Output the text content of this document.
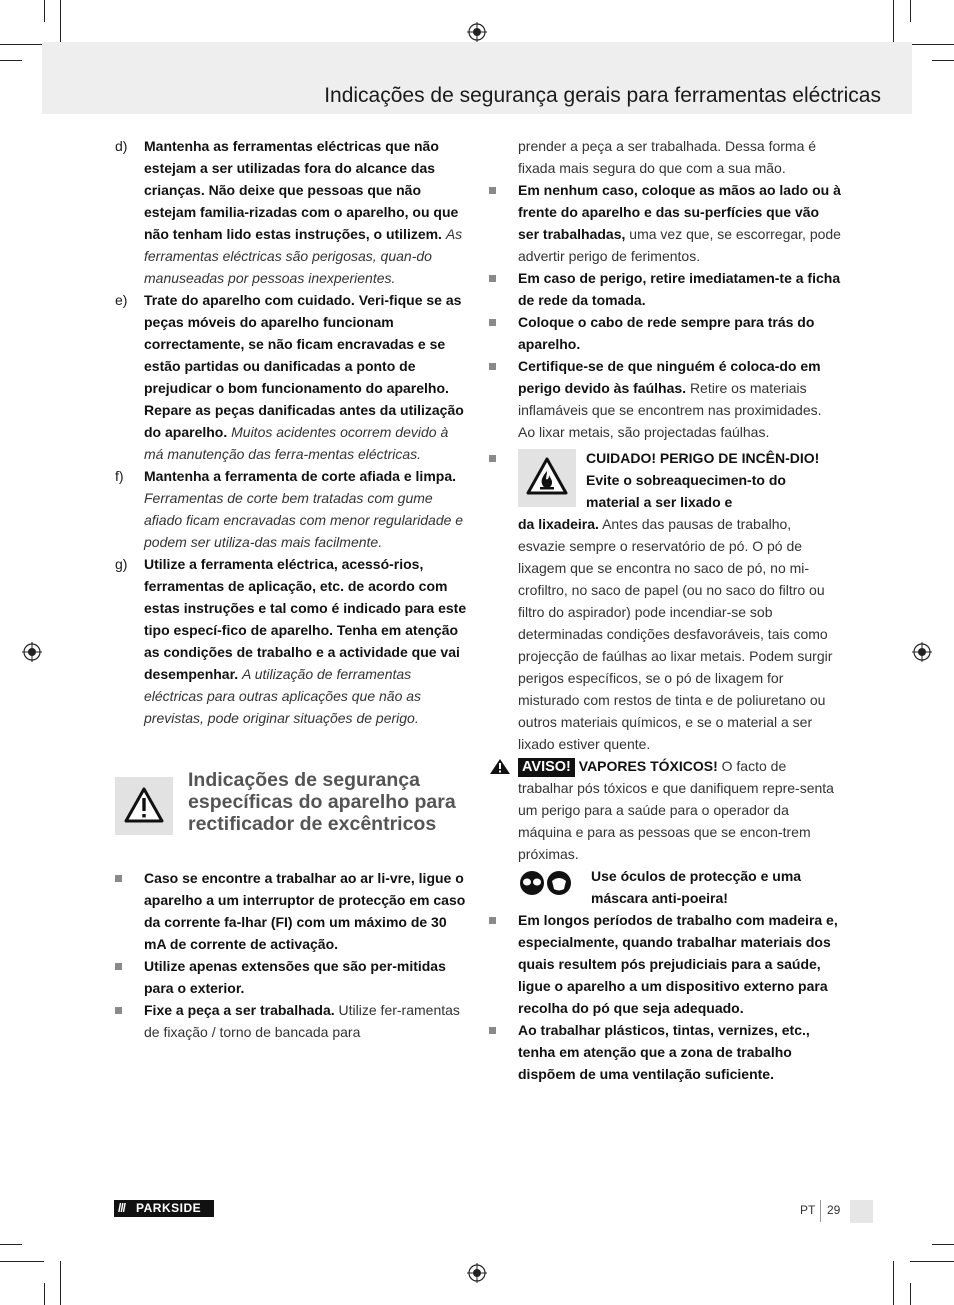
Indicações de segurança gerais para ferramentas eléctricas
d)	Mantenha as ferramentas eléctricas que não estejam a ser utilizadas fora do alcance das crianças. Não deixe que pessoas que não estejam familia-rizadas com o aparelho, ou que não tenham lido estas instruções, o utilizem. As ferramentas eléctricas são perigosas, quan-do manuseadas por pessoas inexperientes.
e)	Trate do aparelho com cuidado. Veri-fique se as peças móveis do aparelho funcionam correctamente, se não ficam encravadas e se estão partidas ou danificadas a ponto de prejudicar o bom funcionamento do aparelho. Repare as peças danificadas antes da utilização do aparelho. Muitos acidentes ocorrem devido à má manutenção das ferra-mentas eléctricas.
f)	Mantenha a ferramenta de corte afiada e limpa. Ferramentas de corte bem tratadas com gume afiado ficam encravadas com menor regularidade e podem ser utiliza-das mais facilmente.
g)	Utilize a ferramenta eléctrica, acessó-rios, ferramentas de aplicação, etc. de acordo com estas instruções e tal como é indicado para este tipo especí-fico de aparelho. Tenha em atenção as condições de trabalho e a actividade que vai desempenhar. A utilização de ferramentas eléctricas para outras aplicações que não as previstas, pode originar situações de perigo.
Indicações de segurança específicas do aparelho para rectificador de excêntricos
Caso se encontre a trabalhar ao ar li-vre, ligue o aparelho a um interruptor de protecção em caso da corrente fa-lhar (FI) com um máximo de 30 mA de corrente de activação.
Utilize apenas extensões que são per-mitidas para o exterior.
Fixe a peça a ser trabalhada. Utilize fer-ramentas de fixação / torno de bancada para
prender a peça a ser trabalhada. Dessa forma é fixada mais segura do que com a sua mão.
Em nenhum caso, coloque as mãos ao lado ou à frente do aparelho e das su-perfícies que vão ser trabalhadas, uma vez que, se escorregar, pode advertir perigo de ferimentos.
Em caso de perigo, retire imediatamen-te a ficha de rede da tomada.
Coloque o cabo de rede sempre para trás do aparelho.
Certifique-se de que ninguém é coloca-do em perigo devido às faúlhas. Retire os materiais inflamáveis que se encontrem nas proximidades. Ao lixar metais, são projectadas faúlhas.
CUIDADO! PERIGO DE INCÊN-DIO! Evite o sobreaquecimen-to do material a ser lixado e
da lixadeira. Antes das pausas de trabalho, esvazie sempre o reservatório de pó. O pó de lixagem que se encontra no saco de pó, no mi-crofiltro, no saco de papel (ou no saco do filtro ou filtro do aspirador) pode incendiar-se sob determinadas condições desfavoráveis, tais como projecção de faúlhas ao lixar metais. Podem surgir perigos específicos, se o pó de lixagem for misturado com restos de tinta e de poliuretano ou outros materiais químicos, e se o material a ser lixado estiver quente.
AVISO! VAPORES TÓXICOS! O facto de trabalhar pós tóxicos e que danifiquem repre-senta um perigo para a saúde para o operador da máquina e para as pessoas que se encon-trem próximas.
Use óculos de protecção e uma máscara anti-poeira!
Em longos períodos de trabalho com madeira e, especialmente, quando trabalhar materiais dos quais resultem pós prejudiciais para a saúde, ligue o aparelho a um dispositivo externo para recolha do pó que seja adequado.
Ao trabalhar plásticos, tintas, vernizes, etc., tenha em atenção que a zona de trabalho dispõem de uma ventilação suficiente.
/// PARKSIDE	PT 29
